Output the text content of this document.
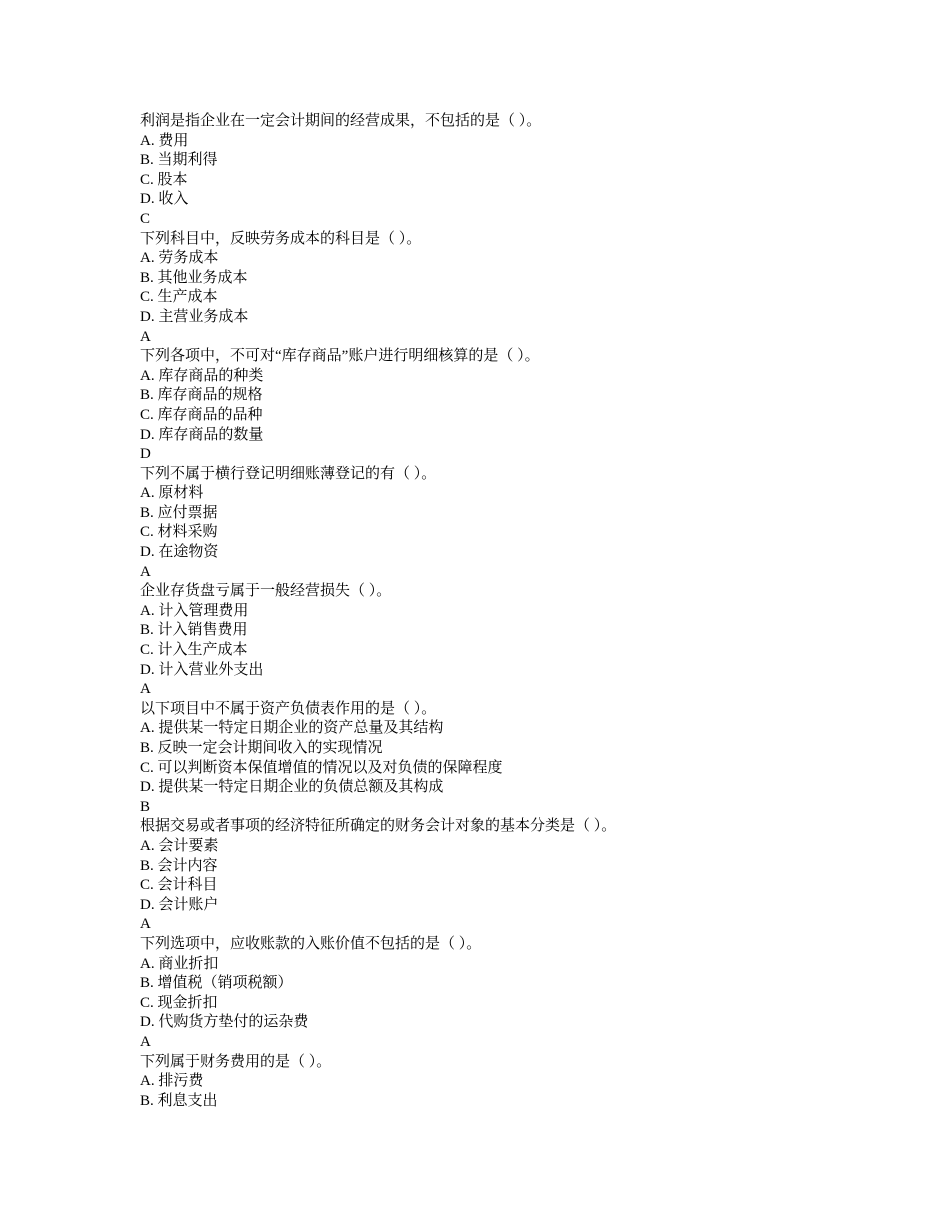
利润是指企业在一定会计期间的经营成果，不包括的是（ ）。
A. 费用
B. 当期利得
C. 股本
D. 收入
C
下列科目中，反映劳务成本的科目是（ ）。
A. 劳务成本
B. 其他业务成本
C. 生产成本
D. 主营业务成本
A
下列各项中，不可对“库存商品”账户进行明细核算的是（ ）。
A. 库存商品的种类
B. 库存商品的规格
C. 库存商品的品种
D. 库存商品的数量
D
下列不属于横行登记明细账薄登记的有（ ）。
A. 原材料
B. 应付票据
C. 材料采购
D. 在途物资
A
企业存货盘亏属于一般经营损失（ ）。
A. 计入管理费用
B. 计入销售费用
C. 计入生产成本
D. 计入营业外支出
A
以下项目中不属于资产负债表作用的是（ ）。
A. 提供某一特定日期企业的资产总量及其结构
B. 反映一定会计期间收入的实现情况
C. 可以判断资本保值增值的情况以及对负债的保障程度
D. 提供某一特定日期企业的负债总额及其构成
B
根据交易或者事项的经济特征所确定的财务会计对象的基本分类是（ ）。
A. 会计要素
B. 会计内容
C. 会计科目
D. 会计账户
A
下列选项中，应收账款的入账价值不包括的是（ ）。
A. 商业折扣
B. 增值税（销项税额）
C. 现金折扣
D. 代购货方垫付的运杂费
A
下列属于财务费用的是（ ）。
A. 排污费
B. 利息支出
